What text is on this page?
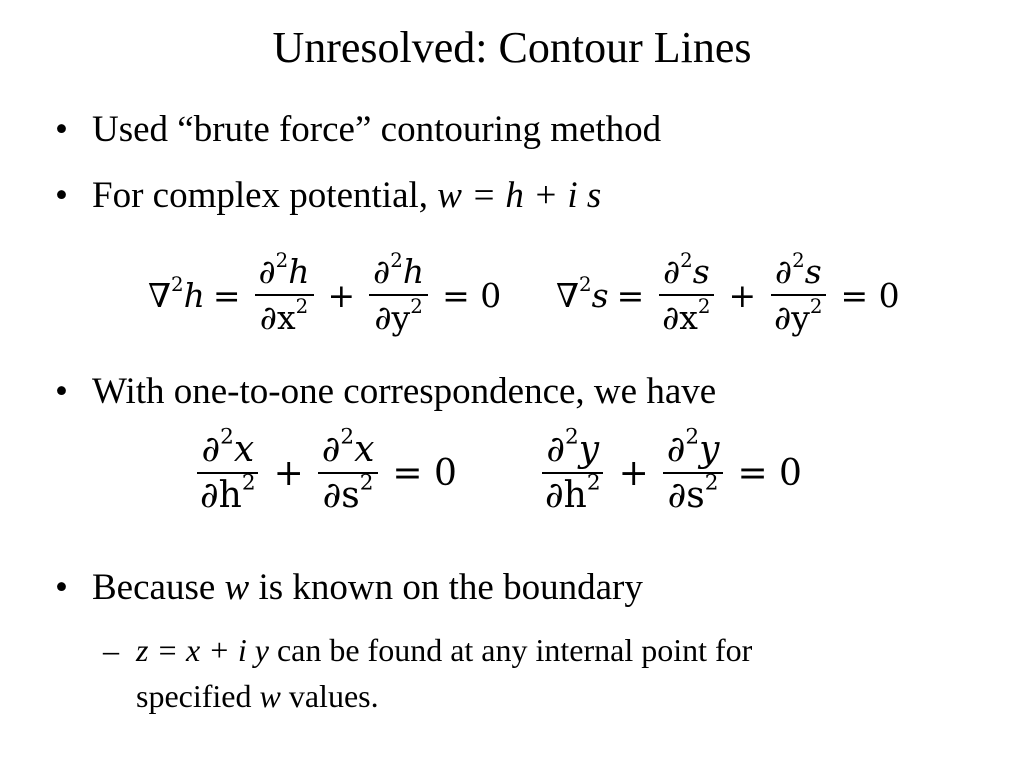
Unresolved: Contour Lines
• Used “brute force” contouring method
• For complex potential, w = h + i s
$\nabla^2h = \frac{\partial^2h}{\partial x^2} + \frac{\partial^2h}{\partial y^2} = 0$ $\nabla^2s = \frac{\partial^2s}{\partial x^2} + \frac{\partial^2s}{\partial y^2} = 0$
• With one-to-one correspondence, we have
$\frac{\partial^2x}{\partial h^2} + \frac{\partial^2x}{\partial s^2} = 0 \frac{\partial^2y}{\partial h^2} + \frac{\partial^2y}{\partial s^2} = 0$
• Because w is known on the boundary
– z = x + i y can be found at any internal point for
specified w values.
